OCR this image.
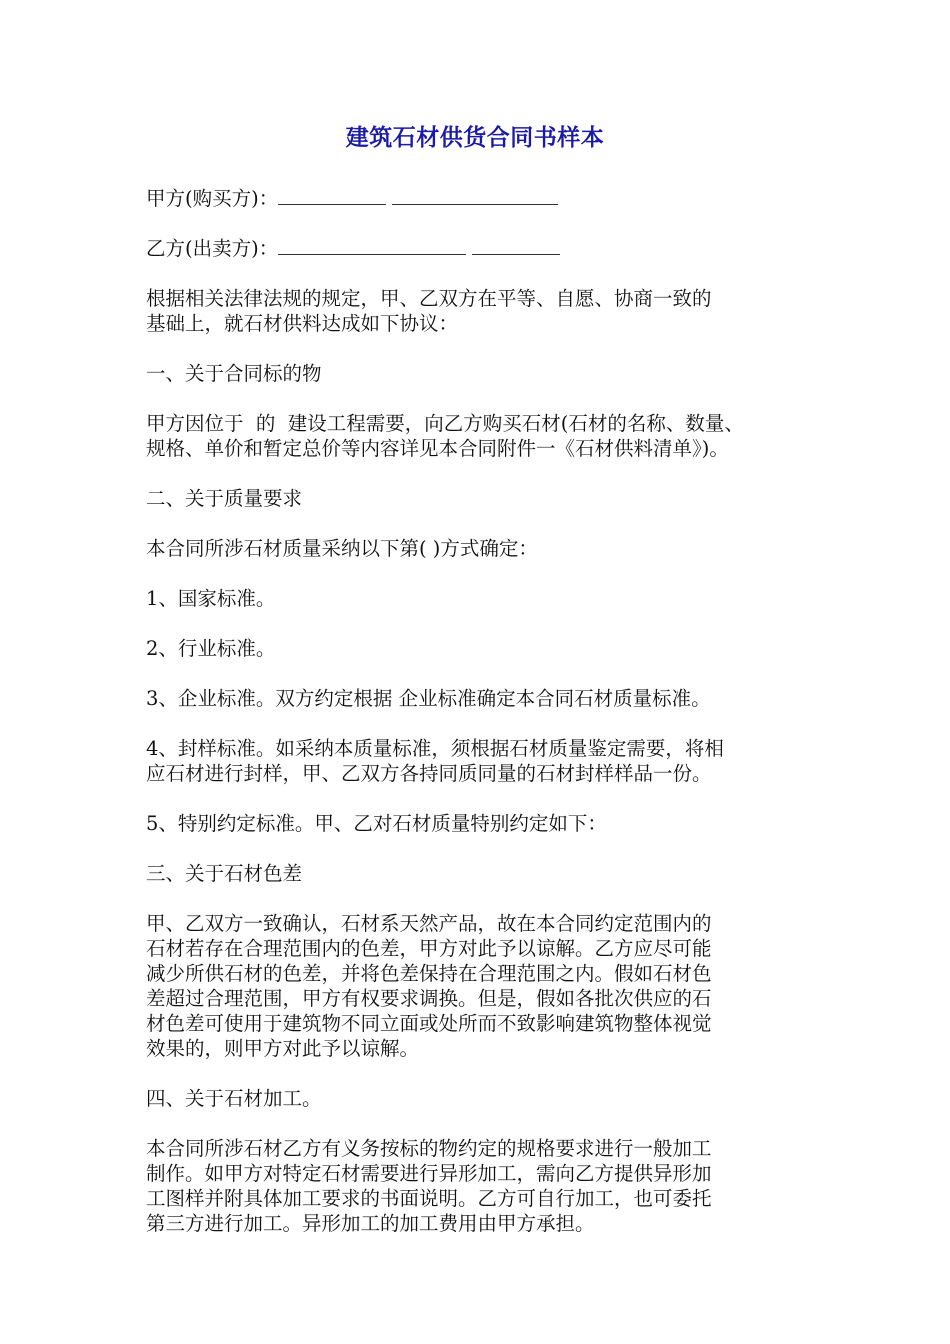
建筑石材供货合同书样本
甲方(购买方)：
乙方(出卖方)：
根据相关法律法规的规定，甲、乙双方在平等、自愿、协商一致的
基础上，就石材供料达成如下协议：
一、关于合同标的物
甲方因位于  的  建设工程需要，向乙方购买石材(石材的名称、数量、
规格、单价和暂定总价等内容详见本合同附件一《石材供料清单》)。
二、关于质量要求
本合同所涉石材质量采纳以下第( )方式确定：
1、国家标准。
2、行业标准。
3、企业标准。双方约定根据 企业标准确定本合同石材质量标准。
4、封样标准。如采纳本质量标准，须根据石材质量鉴定需要，将相
应石材进行封样，甲、乙双方各持同质同量的石材封样样品一份。
5、特别约定标准。甲、乙对石材质量特别约定如下：
三、关于石材色差
甲、乙双方一致确认，石材系天然产品，故在本合同约定范围内的
石材若存在合理范围内的色差，甲方对此予以谅解。乙方应尽可能
减少所供石材的色差，并将色差保持在合理范围之内。假如石材色
差超过合理范围，甲方有权要求调换。但是，假如各批次供应的石
材色差可使用于建筑物不同立面或处所而不致影响建筑物整体视觉
效果的，则甲方对此予以谅解。
四、关于石材加工。
本合同所涉石材乙方有义务按标的物约定的规格要求进行一般加工
制作。如甲方对特定石材需要进行异形加工，需向乙方提供异形加
工图样并附具体加工要求的书面说明。乙方可自行加工，也可委托
第三方进行加工。异形加工的加工费用由甲方承担。
